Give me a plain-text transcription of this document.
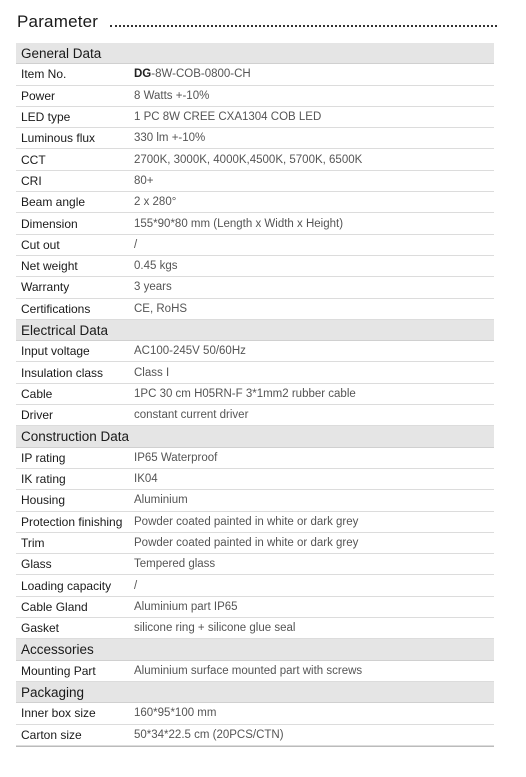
Parameter
General Data
Item No.	DG-8W-COB-0800-CH
Power	8 Watts +-10%
LED type	1 PC 8W CREE CXA1304 COB LED
Luminous flux	330 lm +-10%
CCT	2700K, 3000K, 4000K,4500K, 5700K, 6500K
CRI	80+
Beam angle	2 x 280°
Dimension	155*90*80 mm (Length x Width x Height)
Cut out	/
Net weight	0.45 kgs
Warranty	3 years
Certifications	CE, RoHS
Electrical Data
Input voltage	AC100-245V 50/60Hz
Insulation class	Class I
Cable	1PC 30 cm H05RN-F 3*1mm2 rubber cable
Driver	constant current driver
Construction Data
IP rating	IP65 Waterproof
IK rating	IK04
Housing	Aluminium
Protection finishing	Powder coated painted in white or dark grey
Trim	Powder coated painted in white or dark grey
Glass	Tempered glass
Loading capacity	/
Cable Gland	Aluminium part IP65
Gasket	silicone ring + silicone glue seal
Accessories
Mounting Part	Aluminium surface mounted part with screws
Packaging
Inner box size	160*95*100 mm
Carton size	50*34*22.5 cm (20PCS/CTN)
